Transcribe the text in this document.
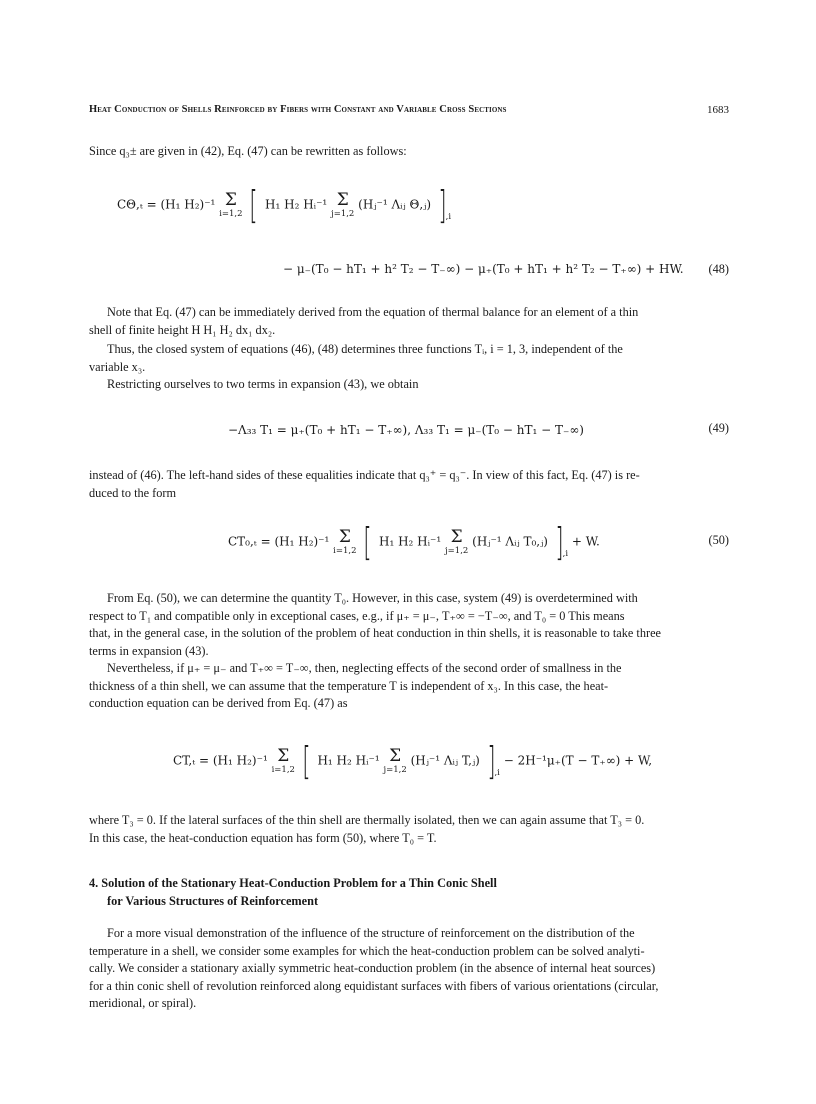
Heat Conduction of Shells Reinforced by Fibers with Constant and Variable Cross Sections	1683
Since q₃± are given in (42), Eq. (47) can be rewritten as follows:
CΘ,ₜ = (H₁ H₂)⁻¹ Σ
i=1,2 [ H₁ H₂ Hᵢ⁻¹ Σ
j=1,2
(Hⱼ⁻¹ Λᵢⱼ Θ,ⱼ) ]$_{,i}$
− μ₋(T₀ − hT₁ + h² T₂ − T₋∞) − μ₊(T₀ + hT₁ + h² T₂ − T₊∞) + HW. (48)
Note that Eq. (47) can be immediately derived from the equation of thermal balance for an element of a thin
shell of finite height H H₁ H₂ dx₁ dx₂.
Thus, the closed system of equations (46), (48) determines three functions Tᵢ, i = 1, 3, independent of the
variable x₃.
Restricting ourselves to two terms in expansion (43), we obtain
−Λ₃₃ T₁ = μ₊(T₀ + hT₁ − T₊∞), Λ₃₃ T₁ = μ₋(T₀ − hT₁ − T₋∞)	(49)
instead of (46). The left-hand sides of these equalities indicate that q₃⁺ = q₃⁻. In view of this fact, Eq. (47) is re-
duced to the form
CT₀,ₜ = (H₁ H₂)⁻¹ Σ
i=1,2 [ H₁ H₂ Hᵢ⁻¹ Σ
j=1,2
(Hⱼ⁻¹ Λᵢⱼ T₀,ⱼ) ]$_{,i} + W$.	(50)
From Eq. (50), we can determine the quantity T₀. However, in this case, system (49) is overdetermined with
respect to T₁ and compatible only in exceptional cases, e.g., if μ₊ = μ₋, T₊∞ = −T₋∞, and T₀ = 0 This means
that, in the general case, in the solution of the problem of heat conduction in thin shells, it is reasonable to take three
terms in expansion (43).
Nevertheless, if μ₊ = μ₋ and T₊∞ = T₋∞, then, neglecting effects of the second order of smallness in the
thickness of a thin shell, we can assume that the temperature T is independent of x₃. In this case, the heat-
conduction equation can be derived from Eq. (47) as
CT,ₜ = (H₁ H₂)⁻¹ Σ
i=1,2 [ H₁ H₂ Hᵢ⁻¹ Σ
j=1,2
(Hⱼ⁻¹ Λᵢⱼ T,ⱼ) ]$_{,i} - 2H^{-1}\mu_+(T - T_+\infty) + W$,
where T₃ = 0. If the lateral surfaces of the thin shell are thermally isolated, then we can again assume that T₃ = 0.
In this case, the heat-conduction equation has form (50), where T₀ = T.
4. Solution of the Stationary Heat-Conduction Problem for a Thin Conic Shell
for Various Structures of Reinforcement
For a more visual demonstration of the influence of the structure of reinforcement on the distribution of the
temperature in a shell, we consider some examples for which the heat-conduction problem can be solved analyti-
cally. We consider a stationary axially symmetric heat-conduction problem (in the absence of internal heat sources)
for a thin conic shell of revolution reinforced along equidistant surfaces with fibers of various orientations (circular,
meridional, or spiral).
